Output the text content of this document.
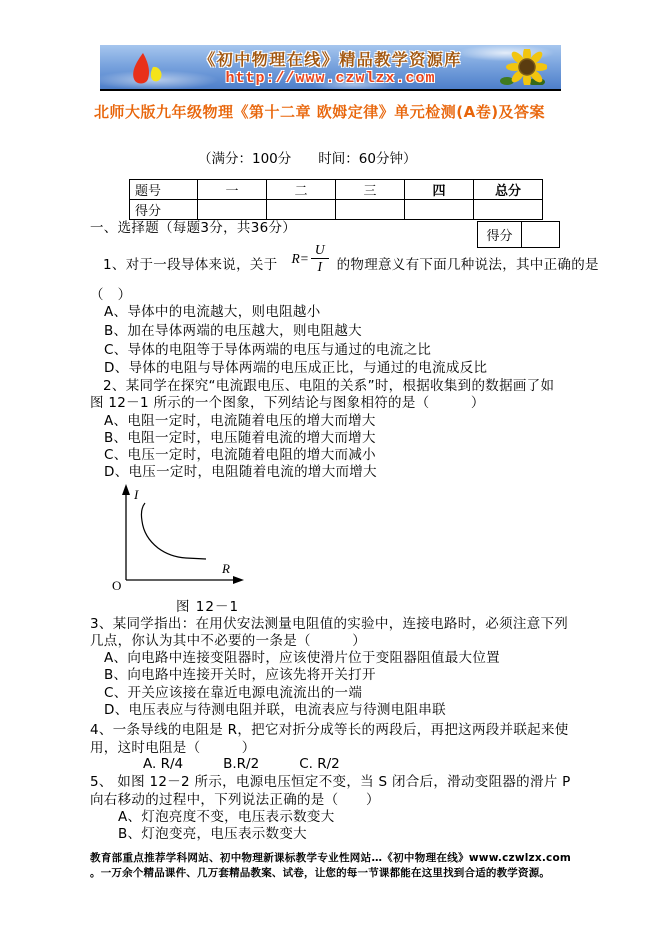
《初中物理在线》精品教学资源库
http://www.czwlzx.com
北师大版九年级物理《第十二章 欧姆定律》单元检测(A卷)及答案
（满分：100分　　时间：60分钟）
题号	一	二	三	四	总分
得分					
一、选择题（每题3分，共36分）
得分	
1、对于一段导体来说，关于 $R= \frac{U}{I}$ 的物理意义有下面几种说法，其中正确的是
（　）
A、导体中的电流越大，则电阻越小
B、加在导体两端的电压越大，则电阻越大
C、导体的电阻等于导体两端的电压与通过的电流之比
D、导体的电阻与导体两端的电压成正比，与通过的电流成反比
2、某同学在探究“电流跟电压、电阻的关系”时，根据收集到的数据画了如图 12－1 所示的一个图象，下列结论与图象相符的是（　　　）
A、电阻一定时，电流随着电压的增大而增大
B、电阻一定时，电压随着电流的增大而增大
C、电压一定时，电流随着电阻的增大而减小
D、电压一定时，电阻随着电流的增大而增大
I
R
O
图 12－1
3、某同学指出：在用伏安法测量电阻值的实验中，连接电路时，必须注意下列几点，你认为其中不必要的一条是（　　　）
A、向电路中连接变阻器时，应该使滑片位于变阻器阻值最大位置
B、向电路中连接开关时，应该先将开关打开
C、开关应该接在靠近电源电流流出的一端
D、电压表应与待测电阻并联，电流表应与待测电阻串联
4、一条导线的电阻是 R，把它对折分成等长的两段后，再把这两段并联起来使用，这时电阻是（　　　）
A. R/4	B.R/2	C. R/2
5、 如图 12－2 所示，电源电压恒定不变，当 S 闭合后，滑动变阻器的滑片 P 向右移动的过程中，下列说法正确的是（　　）
A、灯泡亮度不变，电压表示数变大
B、灯泡变亮，电压表示数变大
教育部重点推荐学科网站、初中物理新课标教学专业性网站…《初中物理在线》www.czwlzx.com 。一万余个精品课件、几万套精品教案、试卷，让您的每一节课都能在这里找到合适的教学资源。
